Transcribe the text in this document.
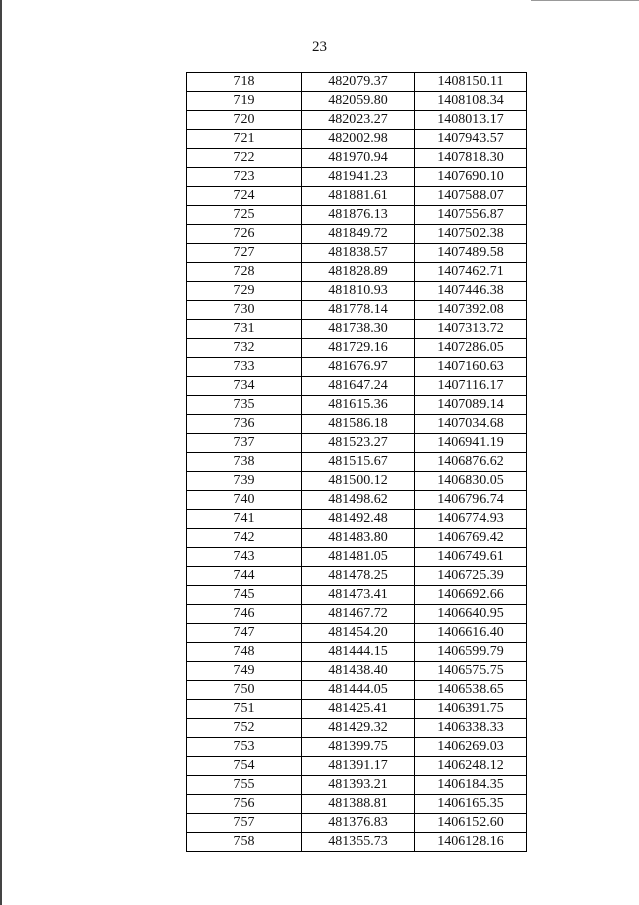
23
718	482079.37	1408150.11
719	482059.80	1408108.34
720	482023.27	1408013.17
721	482002.98	1407943.57
722	481970.94	1407818.30
723	481941.23	1407690.10
724	481881.61	1407588.07
725	481876.13	1407556.87
726	481849.72	1407502.38
727	481838.57	1407489.58
728	481828.89	1407462.71
729	481810.93	1407446.38
730	481778.14	1407392.08
731	481738.30	1407313.72
732	481729.16	1407286.05
733	481676.97	1407160.63
734	481647.24	1407116.17
735	481615.36	1407089.14
736	481586.18	1407034.68
737	481523.27	1406941.19
738	481515.67	1406876.62
739	481500.12	1406830.05
740	481498.62	1406796.74
741	481492.48	1406774.93
742	481483.80	1406769.42
743	481481.05	1406749.61
744	481478.25	1406725.39
745	481473.41	1406692.66
746	481467.72	1406640.95
747	481454.20	1406616.40
748	481444.15	1406599.79
749	481438.40	1406575.75
750	481444.05	1406538.65
751	481425.41	1406391.75
752	481429.32	1406338.33
753	481399.75	1406269.03
754	481391.17	1406248.12
755	481393.21	1406184.35
756	481388.81	1406165.35
757	481376.83	1406152.60
758	481355.73	1406128.16
